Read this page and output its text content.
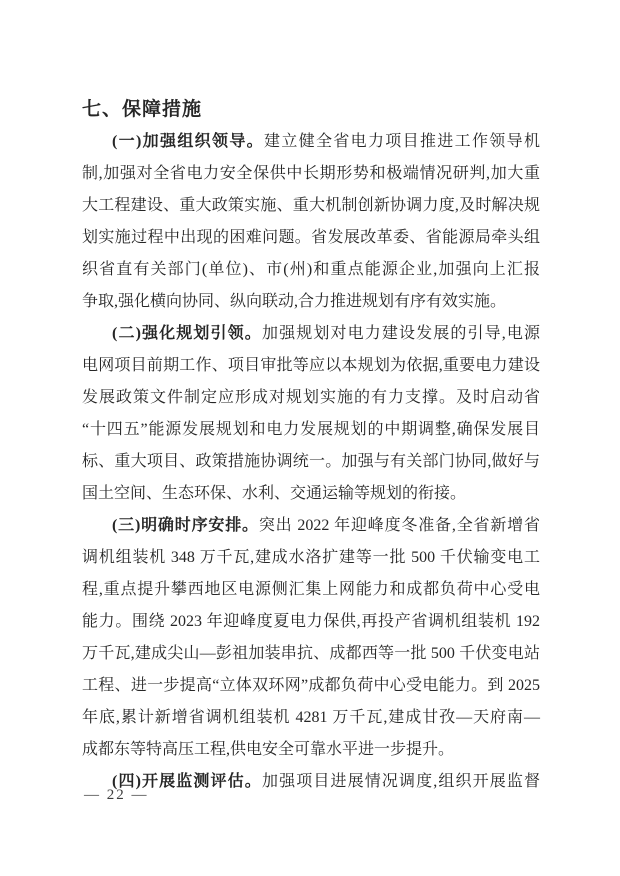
七、保障措施
(一)加强组织领导。建立健全省电力项目推进工作领导机
制,加强对全省电力安全保供中长期形势和极端情况研判,加大重
大工程建设、重大政策实施、重大机制创新协调力度,及时解决规
划实施过程中出现的困难问题。省发展改革委、省能源局牵头组
织省直有关部门(单位)、市(州)和重点能源企业,加强向上汇报
争取,强化横向协同、纵向联动,合力推进规划有序有效实施。
(二)强化规划引领。加强规划对电力建设发展的引导,电源
电网项目前期工作、项目审批等应以本规划为依据,重要电力建设
发展政策文件制定应形成对规划实施的有力支撑。及时启动省
“十四五”能源发展规划和电力发展规划的中期调整,确保发展目
标、重大项目、政策措施协调统一。加强与有关部门协同,做好与
国土空间、生态环保、水利、交通运输等规划的衔接。
(三)明确时序安排。突出 2022 年迎峰度冬准备,全省新增省
调机组装机 348 万千瓦,建成水洛扩建等一批 500 千伏输变电工
程,重点提升攀西地区电源侧汇集上网能力和成都负荷中心受电
能力。围绕 2023 年迎峰度夏电力保供,再投产省调机组装机 192
万千瓦,建成尖山—彭祖加装串抗、成都西等一批 500 千伏变电站
工程、进一步提高“立体双环网”成都负荷中心受电能力。到 2025
年底,累计新增省调机组装机 4281 万千瓦,建成甘孜—天府南—
成都东等特高压工程,供电安全可靠水平进一步提升。
(四)开展监测评估。加强项目进展情况调度,组织开展监督
— 22 —
